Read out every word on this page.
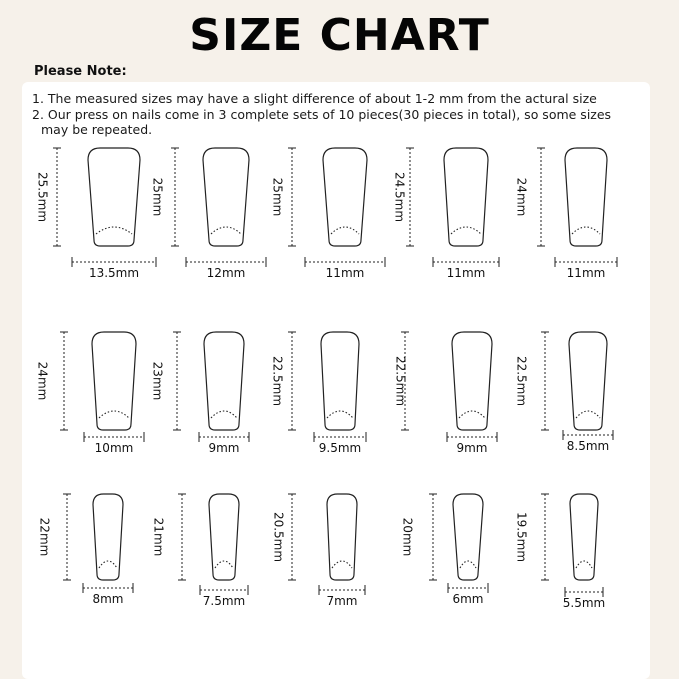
SIZE CHART
Please Note:
1. The measured sizes may have a slight difference of about 1-2 mm from the actural size
2. Our press on nails come in 3 complete sets of 10 pieces(30 pieces in total), so some sizes
may be repeated.
25.5mm
13.5mm
25mm
12mm
25mm
11mm
24.5mm
11mm
24mm
11mm
24mm
10mm
23mm
9mm
22.5mm
9.5mm
22.5mm
9mm
22.5mm
8.5mm
22mm
8mm
21mm
7.5mm
20.5mm
7mm
20mm
6mm
19.5mm
5.5mm
